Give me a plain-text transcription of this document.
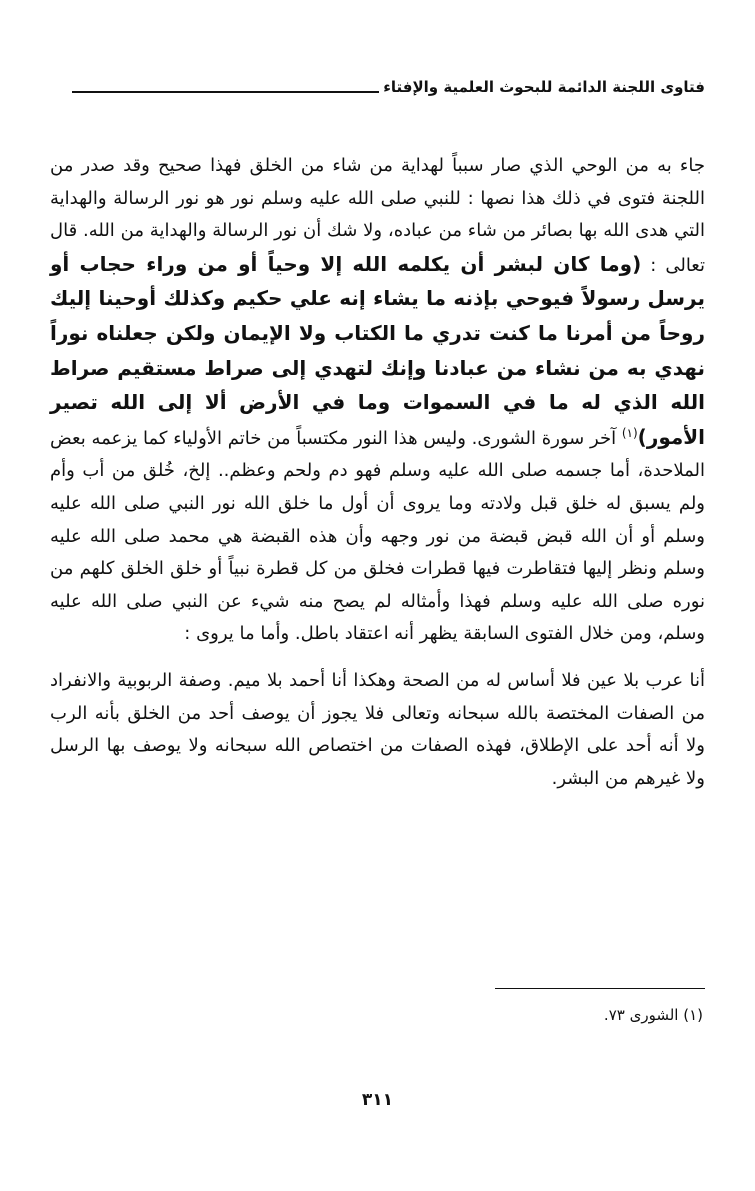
فتاوى اللجنة الدائمة للبحوث العلمية والإفتاء

جاء به من الوحي الذي صار سبباً لهداية من شاء من الخلق فهذا صحيح وقد صدر من اللجنة فتوى في ذلك هذا نصها : للنبي صلى الله عليه وسلم نور هو نور الرسالة والهداية التي هدى الله بها بصائر من شاء من عباده، ولا شك أن نور الرسالة والهداية من الله. قال تعالى : (وما كان لبشر أن يكلمه الله إلا وحياً أو من وراء حجاب أو يرسل رسولاً فيوحي بإذنه ما يشاء إنه علي حكيم وكذلك أوحينا إليك روحاً من أمرنا ما كنت تدري ما الكتاب ولا الإيمان ولكن جعلناه نوراً نهدي به من نشاء من عبادنا وإنك لتهدي إلى صراط مستقيم صراط الله الذي له ما في السموات وما في الأرض ألا إلى الله تصير الأمور)$^{(١)}$ آخر سورة الشورى. وليس هذا النور مكتسباً من خاتم الأولياء كما يزعمه بعض الملاحدة، أما جسمه صلى الله عليه وسلم فهو دم ولحم وعظم.. إلخ، خُلق من أب وأم ولم يسبق له خلق قبل ولادته وما يروى أن أول ما خلق الله نور النبي صلى الله عليه وسلم أو أن الله قبض قبضة من نور وجهه وأن هذه القبضة هي محمد صلى الله عليه وسلم ونظر إليها فتقاطرت فيها قطرات فخلق من كل قطرة نبياً أو خلق الخلق كلهم من نوره صلى الله عليه وسلم فهذا وأمثاله لم يصح منه شيء عن النبي صلى الله عليه وسلم، ومن خلال الفتوى السابقة يظهر أنه اعتقاد باطل. وأما ما يروى :

أنا عرب بلا عين فلا أساس له من الصحة وهكذا أنا أحمد بلا ميم. وصفة الربوبية والانفراد من الصفات المختصة بالله سبحانه وتعالى فلا يجوز أن يوصف أحد من الخلق بأنه الرب ولا أنه أحد على الإطلاق، فهذه الصفات من اختصاص الله سبحانه ولا يوصف بها الرسل ولا غيرهم من البشر.

(١) الشورى ٧٣.
٣١١
